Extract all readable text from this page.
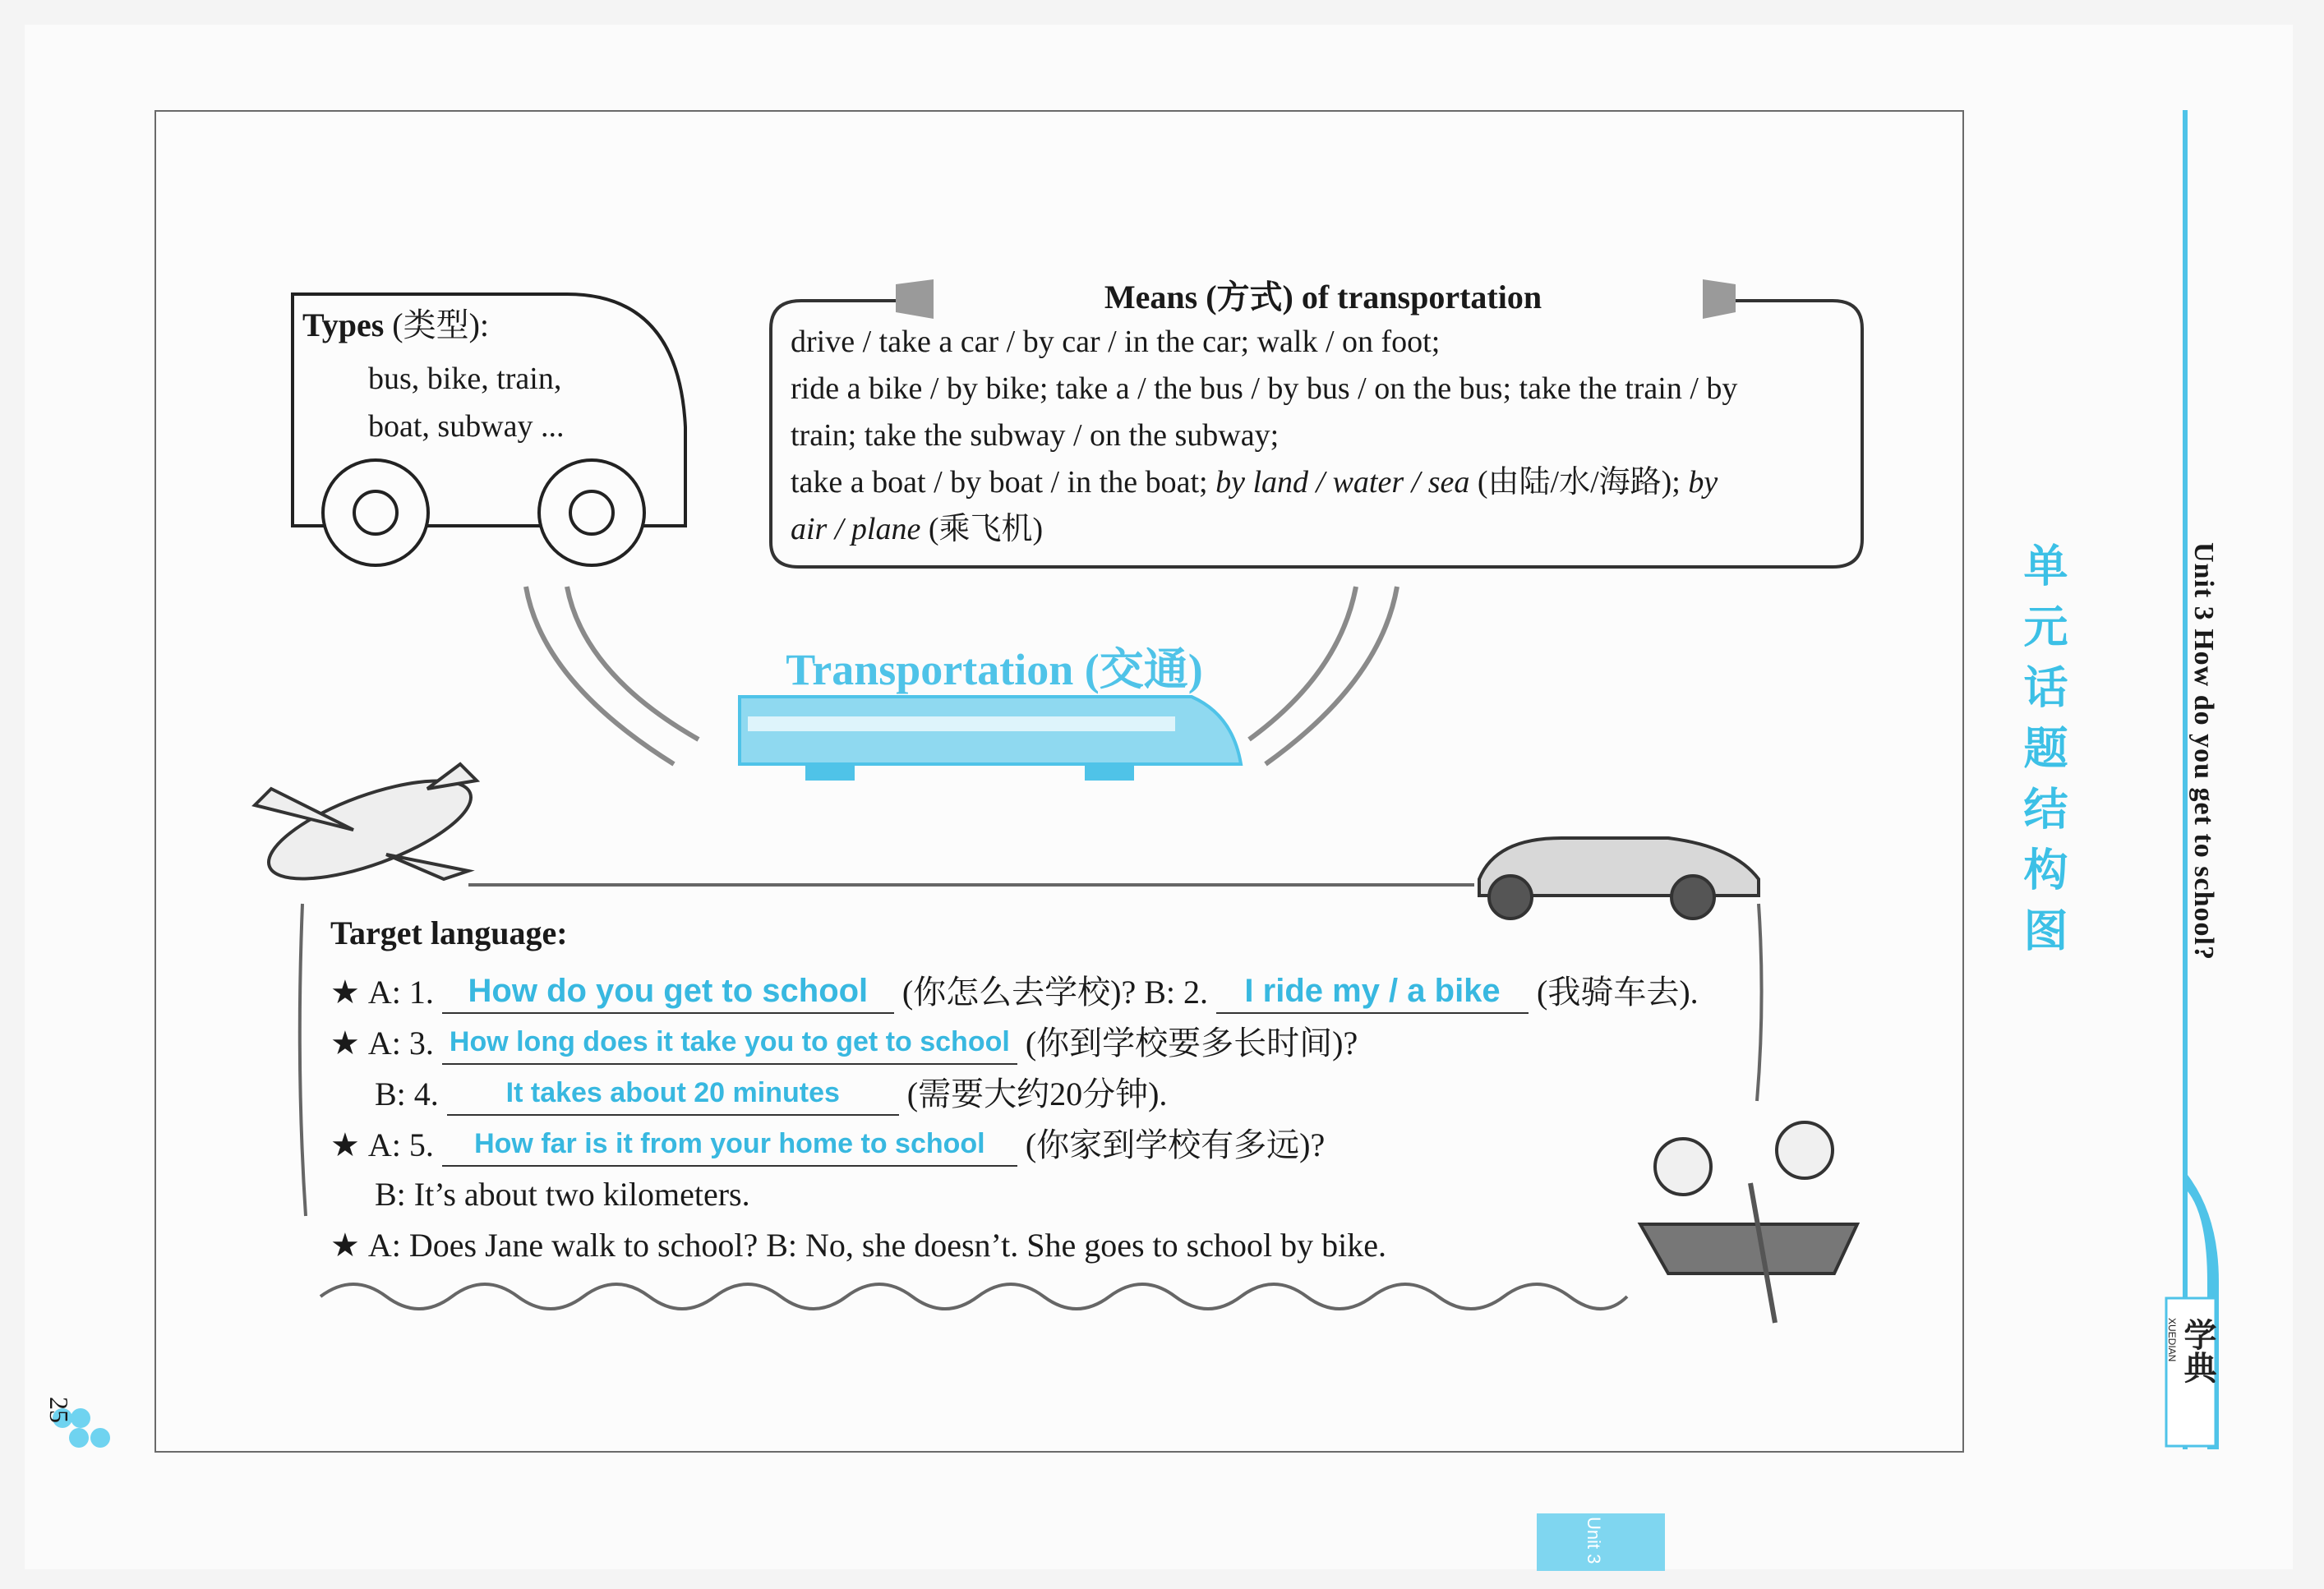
Types (类型):
bus, bike, train,
boat, subway ...
Means (方式) of transportation
drive / take a car / by car / in the car; walk / on foot;
ride a bike / by bike; take a / the bus / by bus / on the bus; take the train / by
train; take the subway / on the subway;
take a boat / by boat / in the boat; by land / water / sea (由陆/水/海路); by
air / plane (乘飞机)
Transportation (交通)
Target language:
★ A: 1. How do you get to school (你怎么去学校)? B: 2. I ride my / a bike (我骑车去).
★ A: 3. How long does it take you to get to school (你到学校要多长时间)?
B: 4. It takes about 20 minutes (需要大约20分钟).
★ A: 5. How far is it from your home to school (你家到学校有多远)?
B: It’s about two kilometers.
★ A: Does Jane walk to school? B: No, she doesn’t. She goes to school by bike.
Unit 3 How do you get to school?
单元话题结构图
25
学典
XUEDIAN
Unit 3
